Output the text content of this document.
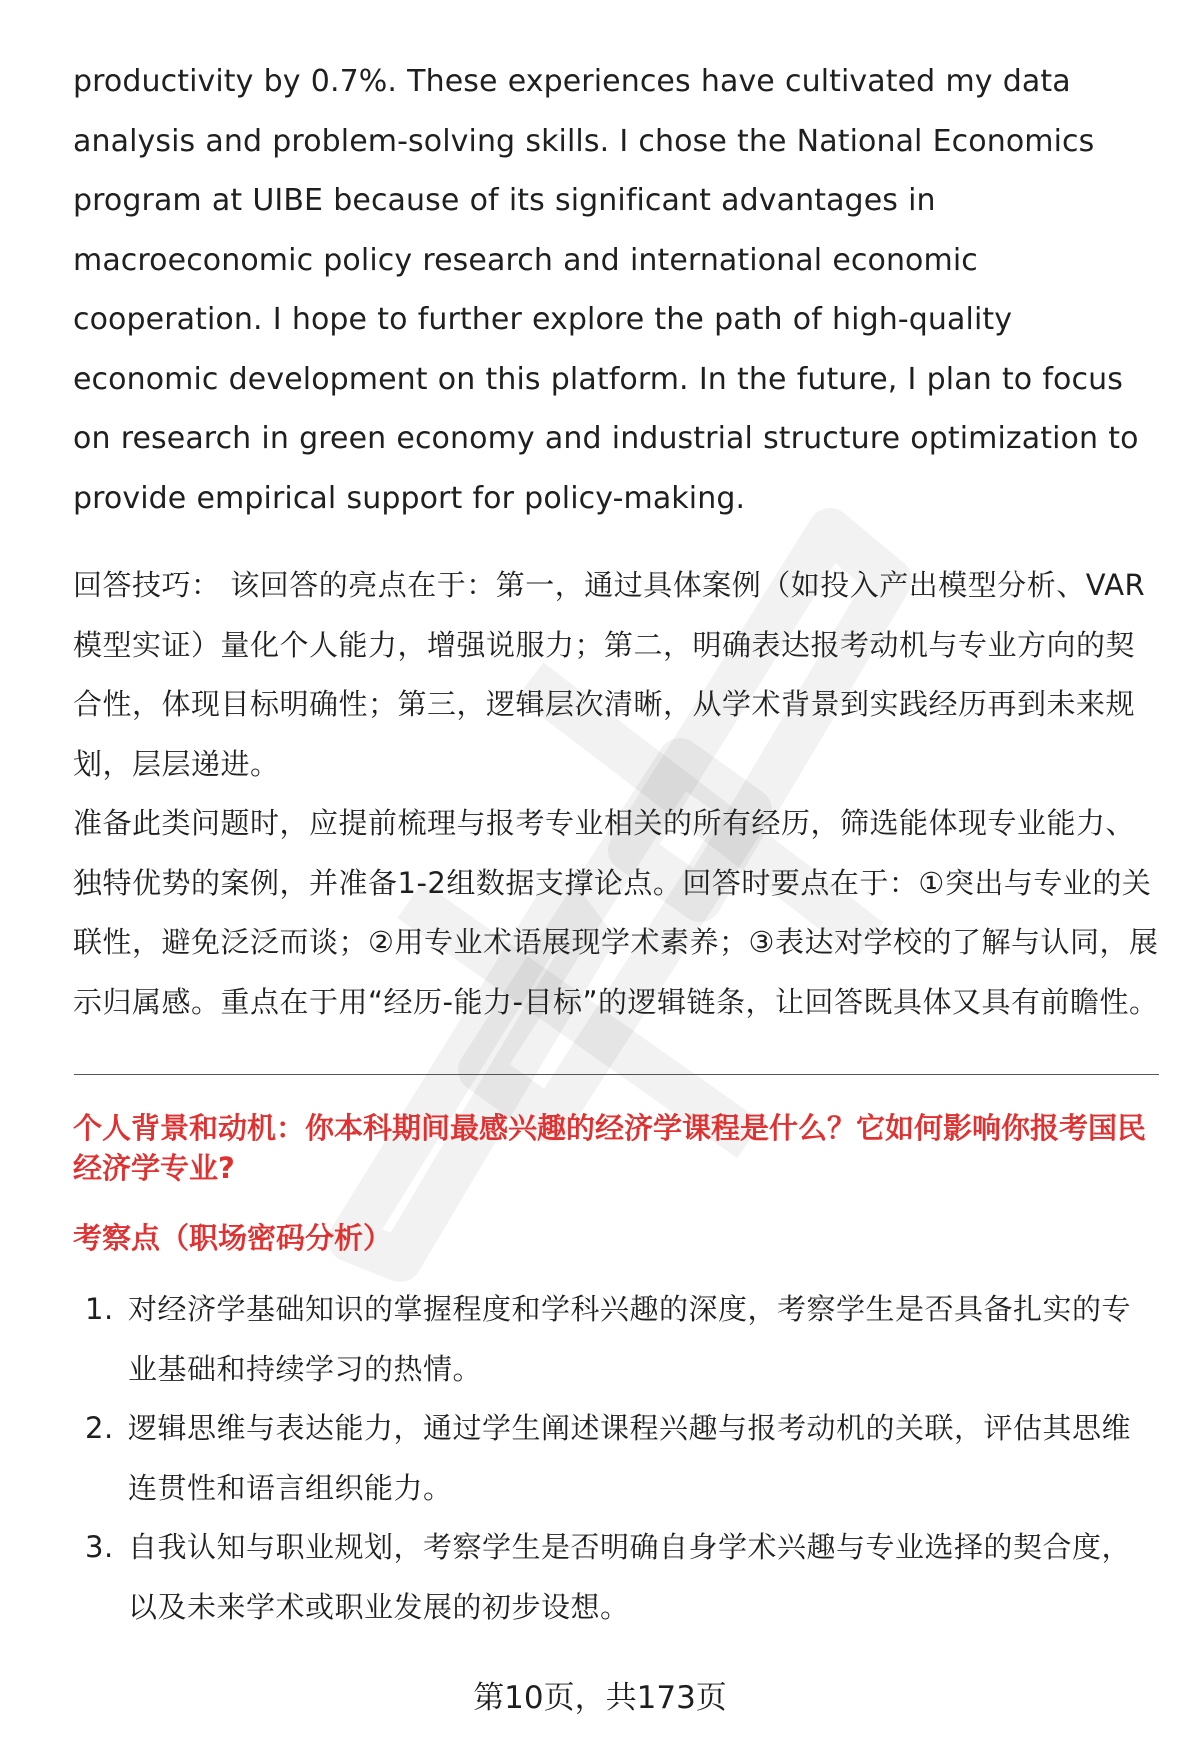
productivity by 0.7%. These experiences have cultivated my data analysis and problem-solving skills. I chose the National Economics program at UIBE because of its significant advantages in macroeconomic policy research and international economic cooperation. I hope to further explore the path of high-quality economic development on this platform. In the future, I plan to focus on research in green economy and industrial structure optimization to provide empirical support for policy-making.

回答技巧： 该回答的亮点在于：第一，通过具体案例（如投入产出模型分析、VAR模型实证）量化个人能力，增强说服力；第二，明确表达报考动机与专业方向的契合性，体现目标明确性；第三，逻辑层次清晰，从学术背景到实践经历再到未来规划，层层递进。

准备此类问题时，应提前梳理与报考专业相关的所有经历，筛选能体现专业能力、独特优势的案例，并准备1-2组数据支撑论点。回答时要点在于：①突出与专业的关联性，避免泛泛而谈；②用专业术语展现学术素养；③表达对学校的了解与认同，展示归属感。重点在于用“经历-能力-目标”的逻辑链条，让回答既具体又具有前瞻性。

个人背景和动机：你本科期间最感兴趣的经济学课程是什么？它如何影响你报考国民经济学专业?
考察点（职场密码分析）
1. 对经济学基础知识的掌握程度和学科兴趣的深度，考察学生是否具备扎实的专业基础和持续学习的热情。
2. 逻辑思维与表达能力，通过学生阐述课程兴趣与报考动机的关联，评估其思维连贯性和语言组织能力。
3. 自我认知与职业规划，考察学生是否明确自身学术兴趣与专业选择的契合度，以及未来学术或职业发展的初步设想。
第10页，共173页
